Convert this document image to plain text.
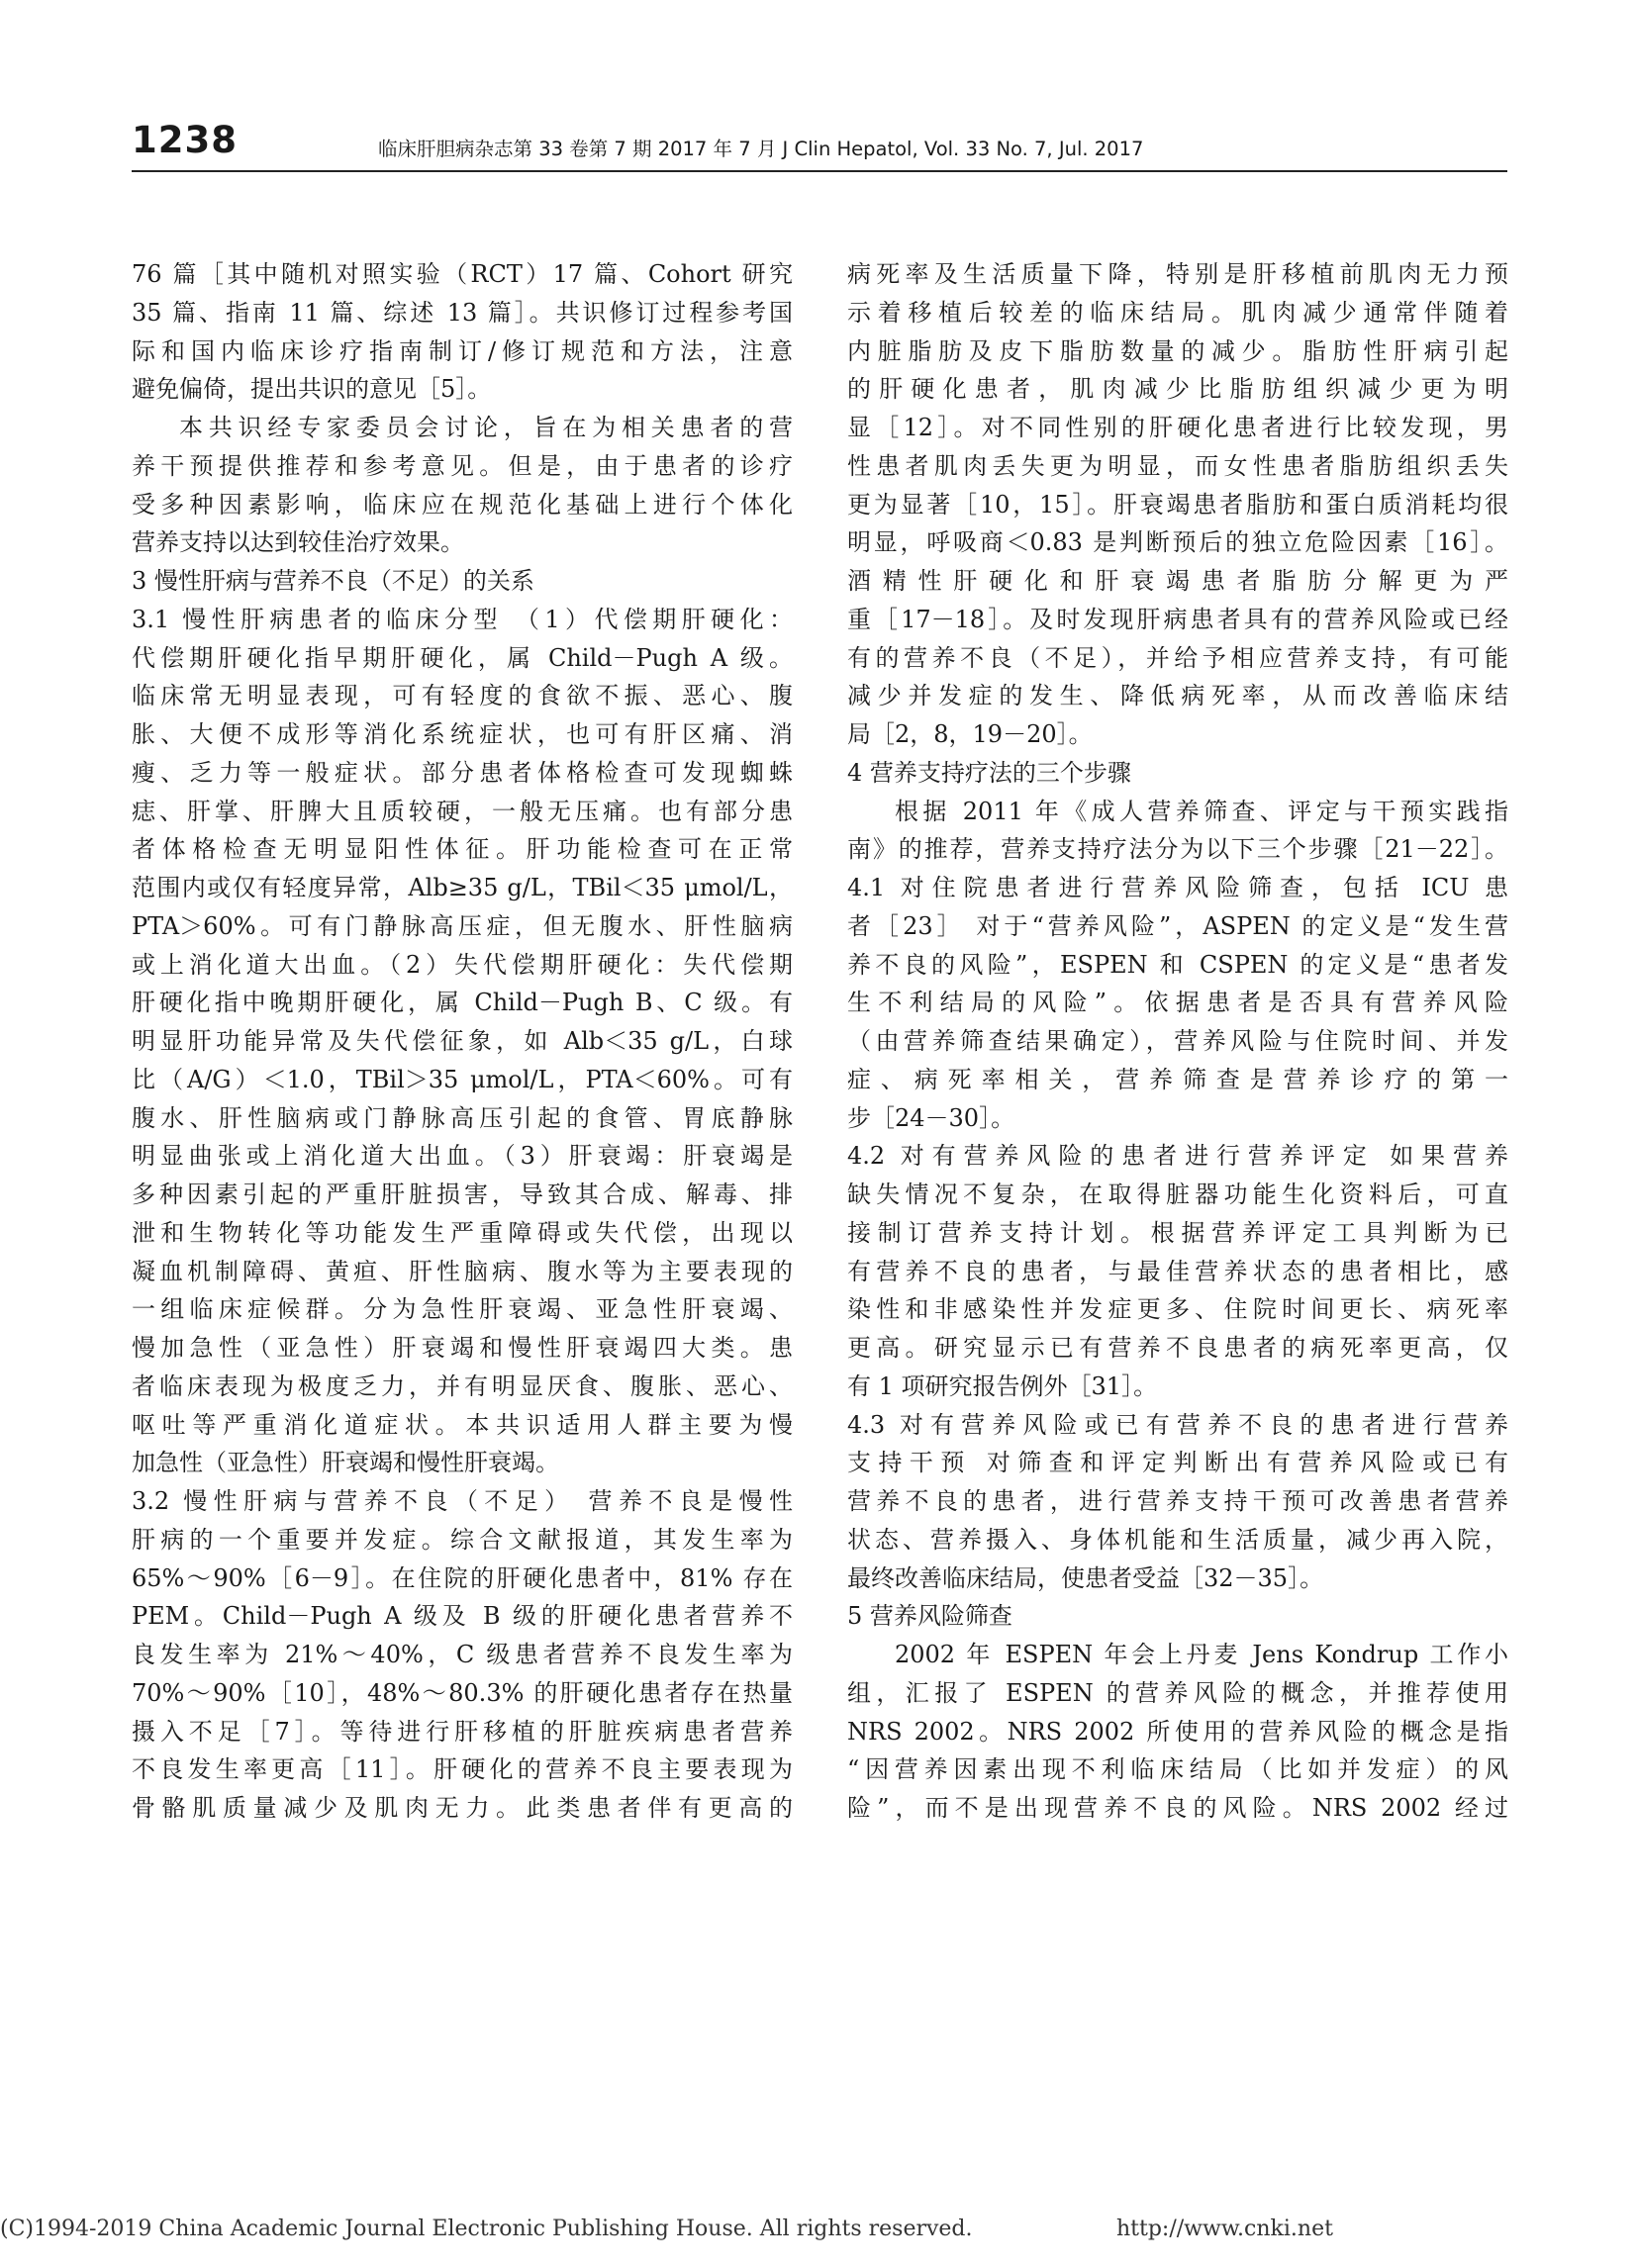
1238	临床肝胆病杂志第 33 卷第 7 期 2017 年 7 月 J Clin Hepatol, Vol. 33 No. 7, Jul. 2017
76 篇［其中随机对照实验（RCT）17 篇、Cohort 研究
35 篇、指南 11 篇、综述 13 篇］。共识修订过程参考国
际和国内临床诊疗指南制订/修订规范和方法，注意
避免偏倚，提出共识的意见［5］。
本共识经专家委员会讨论，旨在为相关患者的营
养干预提供推荐和参考意见。但是，由于患者的诊疗
受多种因素影响，临床应在规范化基础上进行个体化
营养支持以达到较佳治疗效果。
3 慢性肝病与营养不良（不足）的关系
3.1 慢性肝病患者的临床分型 （1）代偿期肝硬化：
代偿期肝硬化指早期肝硬化，属 Child－Pugh A 级。
临床常无明显表现，可有轻度的食欲不振、恶心、腹
胀、大便不成形等消化系统症状，也可有肝区痛、消
瘦、乏力等一般症状。部分患者体格检查可发现蜘蛛
痣、肝掌、肝脾大且质较硬，一般无压痛。也有部分患
者体格检查无明显阳性体征。肝功能检查可在正常
范围内或仅有轻度异常，Alb≥35 g/L，TBil＜35 μmol/L，
PTA＞60%。可有门静脉高压症，但无腹水、肝性脑病
或上消化道大出血。（2）失代偿期肝硬化：失代偿期
肝硬化指中晚期肝硬化，属 Child－Pugh B、C 级。有
明显肝功能异常及失代偿征象，如 Alb＜35 g/L，白球
比（A/G）＜1.0，TBil＞35 μmol/L，PTA＜60%。可有
腹水、肝性脑病或门静脉高压引起的食管、胃底静脉
明显曲张或上消化道大出血。（3）肝衰竭：肝衰竭是
多种因素引起的严重肝脏损害，导致其合成、解毒、排
泄和生物转化等功能发生严重障碍或失代偿，出现以
凝血机制障碍、黄疸、肝性脑病、腹水等为主要表现的
一组临床症候群。分为急性肝衰竭、亚急性肝衰竭、
慢加急性（亚急性）肝衰竭和慢性肝衰竭四大类。患
者临床表现为极度乏力，并有明显厌食、腹胀、恶心、
呕吐等严重消化道症状。本共识适用人群主要为慢
加急性（亚急性）肝衰竭和慢性肝衰竭。
3.2 慢性肝病与营养不良（不足） 营养不良是慢性
肝病的一个重要并发症。综合文献报道，其发生率为
65%～90%［6－9］。在住院的肝硬化患者中，81% 存在
PEM。Child－Pugh A 级及 B 级的肝硬化患者营养不
良发生率为 21%～40%，C 级患者营养不良发生率为
70%～90%［10］，48%～80.3% 的肝硬化患者存在热量
摄入不足［7］。等待进行肝移植的肝脏疾病患者营养
不良发生率更高［11］。肝硬化的营养不良主要表现为
骨骼肌质量减少及肌肉无力。此类患者伴有更高的
病死率及生活质量下降，特别是肝移植前肌肉无力预
示着移植后较差的临床结局。肌肉减少通常伴随着
内脏脂肪及皮下脂肪数量的减少。脂肪性肝病引起
的肝硬化患者，肌肉减少比脂肪组织减少更为明
显［12］。对不同性别的肝硬化患者进行比较发现，男
性患者肌肉丢失更为明显，而女性患者脂肪组织丢失
更为显著［10，15］。肝衰竭患者脂肪和蛋白质消耗均很
明显，呼吸商＜0.83 是判断预后的独立危险因素［16］。
酒精性肝硬化和肝衰竭患者脂肪分解更为严
重［17－18］。及时发现肝病患者具有的营养风险或已经
有的营养不良（不足），并给予相应营养支持，有可能
减少并发症的发生、降低病死率，从而改善临床结
局［2，8，19－20］。
4 营养支持疗法的三个步骤
根据 2011 年《成人营养筛查、评定与干预实践指
南》的推荐，营养支持疗法分为以下三个步骤［21－22］。
4.1 对住院患者进行营养风险筛查，包括 ICU 患
者［23］ 对于“营养风险”，ASPEN 的定义是“发生营
养不良的风险”，ESPEN 和 CSPEN 的定义是“患者发
生不利结局的风险”。依据患者是否具有营养风险
（由营养筛查结果确定），营养风险与住院时间、并发
症、病死率相关，营养筛查是营养诊疗的第一
步［24－30］。
4.2 对有营养风险的患者进行营养评定 如果营养
缺失情况不复杂，在取得脏器功能生化资料后，可直
接制订营养支持计划。根据营养评定工具判断为已
有营养不良的患者，与最佳营养状态的患者相比，感
染性和非感染性并发症更多、住院时间更长、病死率
更高。研究显示已有营养不良患者的病死率更高，仅
有 1 项研究报告例外［31］。
4.3 对有营养风险或已有营养不良的患者进行营养
支持干预 对筛查和评定判断出有营养风险或已有
营养不良的患者，进行营养支持干预可改善患者营养
状态、营养摄入、身体机能和生活质量，减少再入院，
最终改善临床结局，使患者受益［32－35］。
5 营养风险筛查
2002 年 ESPEN 年会上丹麦 Jens Kondrup 工作小
组，汇报了 ESPEN 的营养风险的概念，并推荐使用
NRS 2002。NRS 2002 所使用的营养风险的概念是指
“因营养因素出现不利临床结局（比如并发症）的风
险”，而不是出现营养不良的风险。NRS 2002 经过
(C)1994-2019 China Academic Journal Electronic Publishing House. All rights reserved.	http://www.cnki.net
